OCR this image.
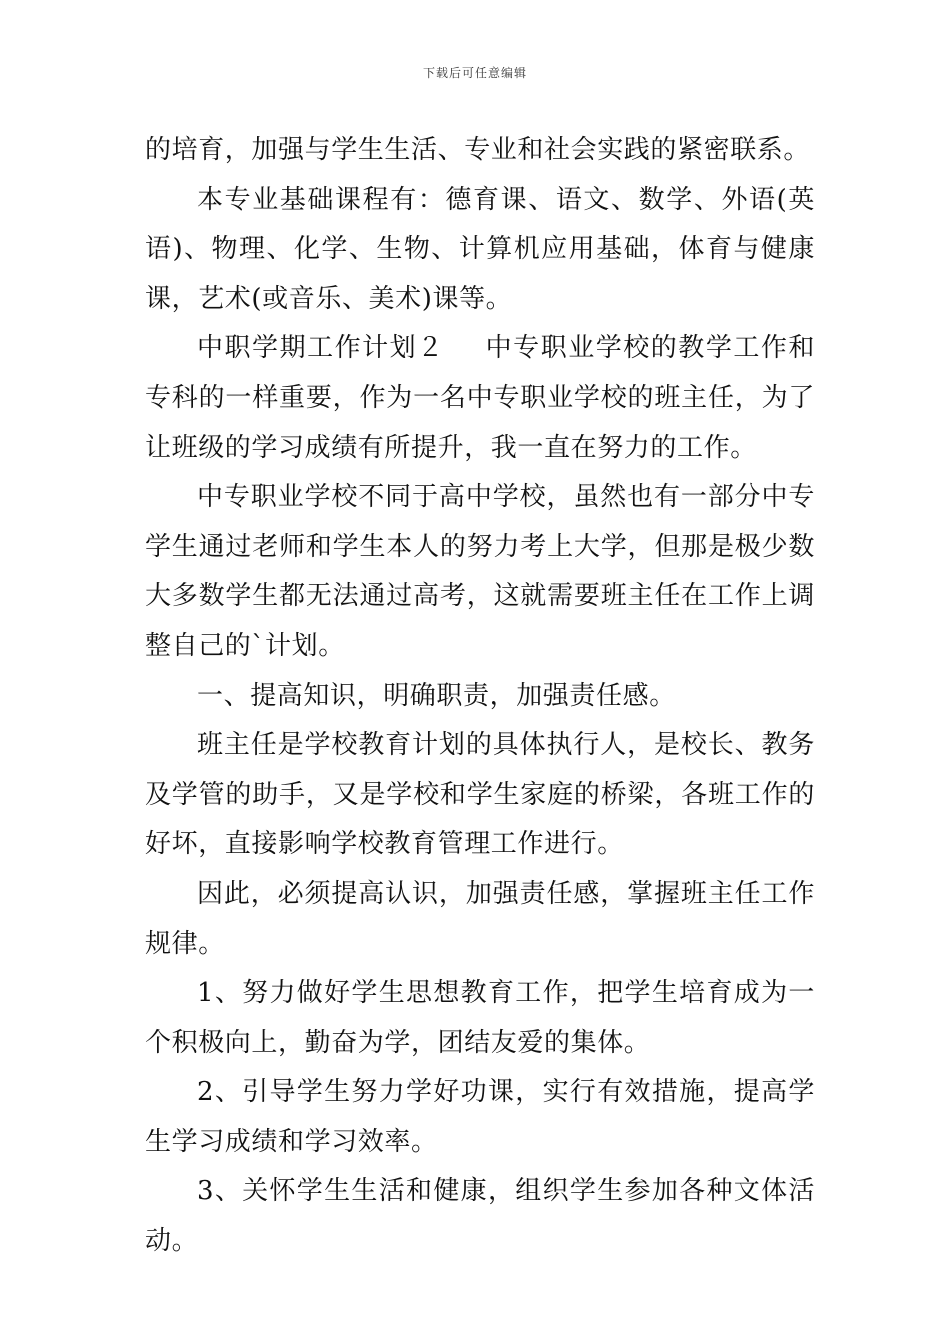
下载后可任意编辑

的培育，加强与学生生活、专业和社会实践的紧密联系。

本专业基础课程有：德育课、语文、数学、外语(英语)、物理、化学、生物、计算机应用基础，体育与健康课，艺术(或音乐、美术)课等。

中职学期工作计划２ 中专职业学校的教学工作和专科的一样重要，作为一名中专职业学校的班主任，为了让班级的学习成绩有所提升，我一直在努力的工作。

中专职业学校不同于高中学校，虽然也有一部分中专学生通过老师和学生本人的努力考上大学，但那是极少数大多数学生都无法通过高考，这就需要班主任在工作上调整自己的`计划。

一、提高知识，明确职责，加强责任感。

班主任是学校教育计划的具体执行人，是校长、教务及学管的助手，又是学校和学生家庭的桥梁，各班工作的好坏，直接影响学校教育管理工作进行。

因此，必须提高认识，加强责任感，掌握班主任工作规律。

1、努力做好学生思想教育工作，把学生培育成为一个积极向上，勤奋为学，团结友爱的集体。

2、引导学生努力学好功课，实行有效措施，提高学生学习成绩和学习效率。

3、关怀学生生活和健康，组织学生参加各种文体活动。
